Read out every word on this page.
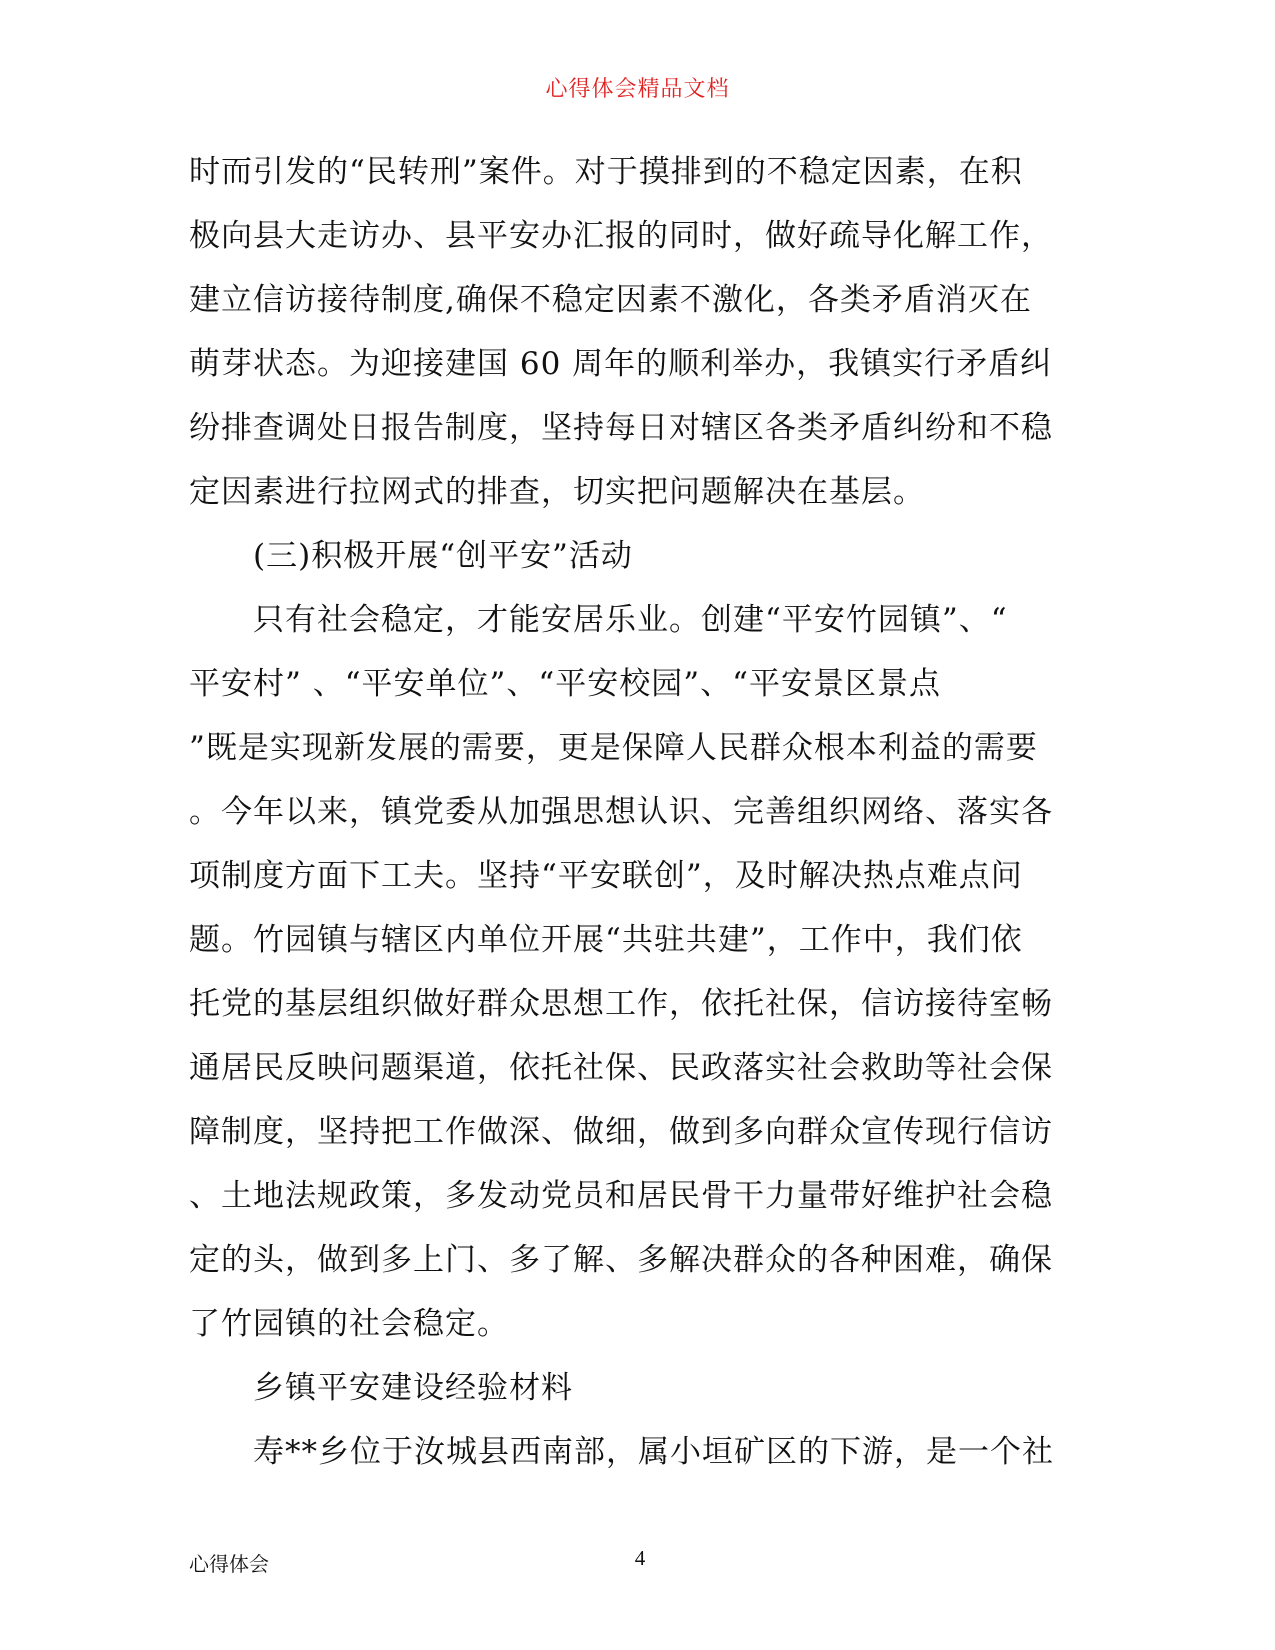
心得体会精品文档
时而引发的“民转刑”案件。对于摸排到的不稳定因素，在积
极向县大走访办、县平安办汇报的同时，做好疏导化解工作，
建立信访接待制度,确保不稳定因素不激化，各类矛盾消灭在
萌芽状态。为迎接建国 60 周年的顺利举办，我镇实行矛盾纠
纷排查调处日报告制度，坚持每日对辖区各类矛盾纠纷和不稳
定因素进行拉网式的排查，切实把问题解决在基层。
(三)积极开展“创平安”活动
只有社会稳定，才能安居乐业。创建“平安竹园镇”、“
平安村” 、“平安单位”、“平安校园”、“平安景区景点
”既是实现新发展的需要，更是保障人民群众根本利益的需要
。今年以来，镇党委从加强思想认识、完善组织网络、落实各
项制度方面下工夫。坚持“平安联创”，及时解决热点难点问
题。竹园镇与辖区内单位开展“共驻共建”，工作中，我们依
托党的基层组织做好群众思想工作，依托社保，信访接待室畅
通居民反映问题渠道，依托社保、民政落实社会救助等社会保
障制度，坚持把工作做深、做细，做到多向群众宣传现行信访
、土地法规政策，多发动党员和居民骨干力量带好维护社会稳
定的头，做到多上门、多了解、多解决群众的各种困难，确保
了竹园镇的社会稳定。
乡镇平安建设经验材料
寿**乡位于汝城县西南部，属小垣矿区的下游，是一个社
心得体会	4
